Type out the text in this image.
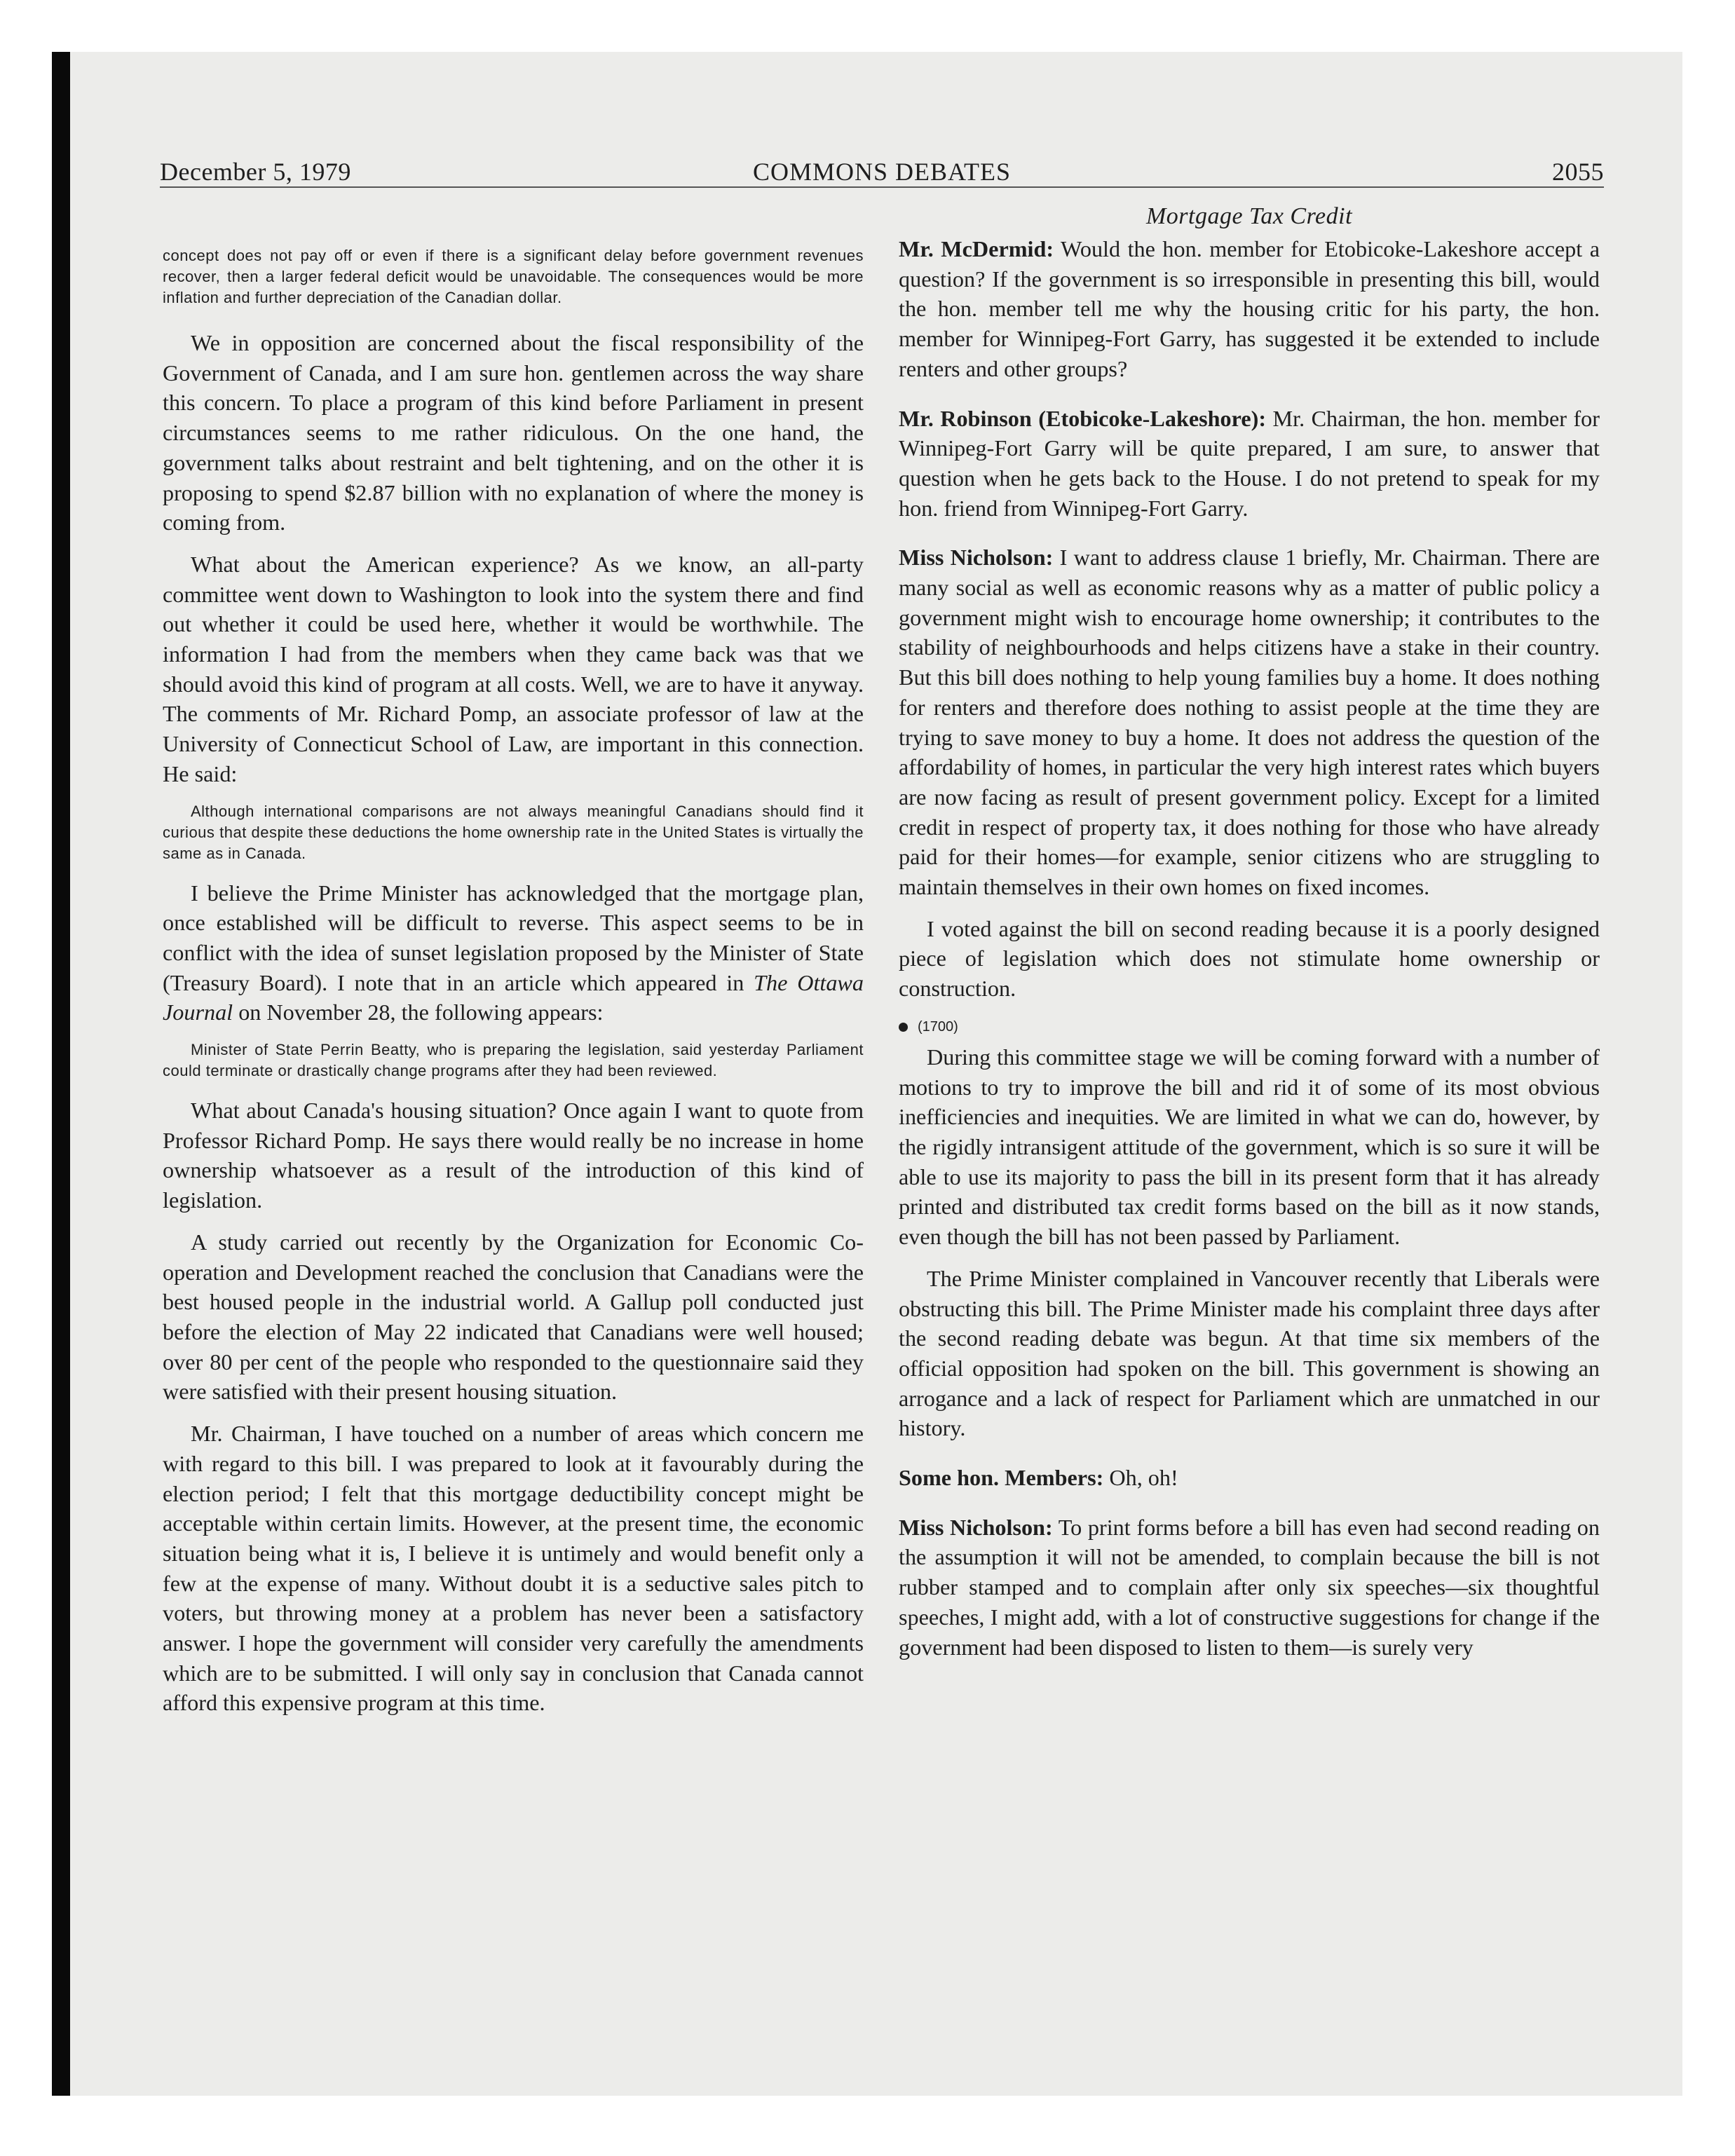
December 5, 1979	COMMONS DEBATES	2055

concept does not pay off or even if there is a significant delay before government revenues recover, then a larger federal deficit would be unavoidable. The consequences would be more inflation and further depreciation of the Canadian dollar.

We in opposition are concerned about the fiscal responsibility of the Government of Canada, and I am sure hon. gentlemen across the way share this concern. To place a program of this kind before Parliament in present circumstances seems to me rather ridiculous. On the one hand, the government talks about restraint and belt tightening, and on the other it is proposing to spend $2.87 billion with no explanation of where the money is coming from.

What about the American experience? As we know, an all-party committee went down to Washington to look into the system there and find out whether it could be used here, whether it would be worthwhile. The information I had from the members when they came back was that we should avoid this kind of program at all costs. Well, we are to have it anyway. The comments of Mr. Richard Pomp, an associate professor of law at the University of Connecticut School of Law, are important in this connection. He said:

Although international comparisons are not always meaningful Canadians should find it curious that despite these deductions the home ownership rate in the United States is virtually the same as in Canada.

I believe the Prime Minister has acknowledged that the mortgage plan, once established will be difficult to reverse. This aspect seems to be in conflict with the idea of sunset legislation proposed by the Minister of State (Treasury Board). I note that in an article which appeared in The Ottawa Journal on November 28, the following appears:

Minister of State Perrin Beatty, who is preparing the legislation, said yesterday Parliament could terminate or drastically change programs after they had been reviewed.

What about Canada's housing situation? Once again I want to quote from Professor Richard Pomp. He says there would really be no increase in home ownership whatsoever as a result of the introduction of this kind of legislation.

A study carried out recently by the Organization for Economic Co-operation and Development reached the conclusion that Canadians were the best housed people in the industrial world. A Gallup poll conducted just before the election of May 22 indicated that Canadians were well housed; over 80 per cent of the people who responded to the questionnaire said they were satisfied with their present housing situation.

Mr. Chairman, I have touched on a number of areas which concern me with regard to this bill. I was prepared to look at it favourably during the election period; I felt that this mortgage deductibility concept might be acceptable within certain limits. However, at the present time, the economic situation being what it is, I believe it is untimely and would benefit only a few at the expense of many. Without doubt it is a seductive sales pitch to voters, but throwing money at a problem has never been a satisfactory answer. I hope the government will consider very carefully the amendments which are to be submitted. I will only say in conclusion that Canada cannot afford this expensive program at this time.

Mortgage Tax Credit

Mr. McDermid: Would the hon. member for Etobicoke-Lakeshore accept a question? If the government is so irresponsible in presenting this bill, would the hon. member tell me why the housing critic for his party, the hon. member for Winnipeg-Fort Garry, has suggested it be extended to include renters and other groups?

Mr. Robinson (Etobicoke-Lakeshore): Mr. Chairman, the hon. member for Winnipeg-Fort Garry will be quite prepared, I am sure, to answer that question when he gets back to the House. I do not pretend to speak for my hon. friend from Winnipeg-Fort Garry.

Miss Nicholson: I want to address clause 1 briefly, Mr. Chairman. There are many social as well as economic reasons why as a matter of public policy a government might wish to encourage home ownership; it contributes to the stability of neighbourhoods and helps citizens have a stake in their country. But this bill does nothing to help young families buy a home. It does nothing for renters and therefore does nothing to assist people at the time they are trying to save money to buy a home. It does not address the question of the affordability of homes, in particular the very high interest rates which buyers are now facing as result of present government policy. Except for a limited credit in respect of property tax, it does nothing for those who have already paid for their homes—for example, senior citizens who are struggling to maintain themselves in their own homes on fixed incomes.

I voted against the bill on second reading because it is a poorly designed piece of legislation which does not stimulate home ownership or construction.

(1700)

During this committee stage we will be coming forward with a number of motions to try to improve the bill and rid it of some of its most obvious inefficiencies and inequities. We are limited in what we can do, however, by the rigidly intransigent attitude of the government, which is so sure it will be able to use its majority to pass the bill in its present form that it has already printed and distributed tax credit forms based on the bill as it now stands, even though the bill has not been passed by Parliament.

The Prime Minister complained in Vancouver recently that Liberals were obstructing this bill. The Prime Minister made his complaint three days after the second reading debate was begun. At that time six members of the official opposition had spoken on the bill. This government is showing an arrogance and a lack of respect for Parliament which are unmatched in our history.

Some hon. Members: Oh, oh!

Miss Nicholson: To print forms before a bill has even had second reading on the assumption it will not be amended, to complain because the bill is not rubber stamped and to complain after only six speeches—six thoughtful speeches, I might add, with a lot of constructive suggestions for change if the government had been disposed to listen to them—is surely very
